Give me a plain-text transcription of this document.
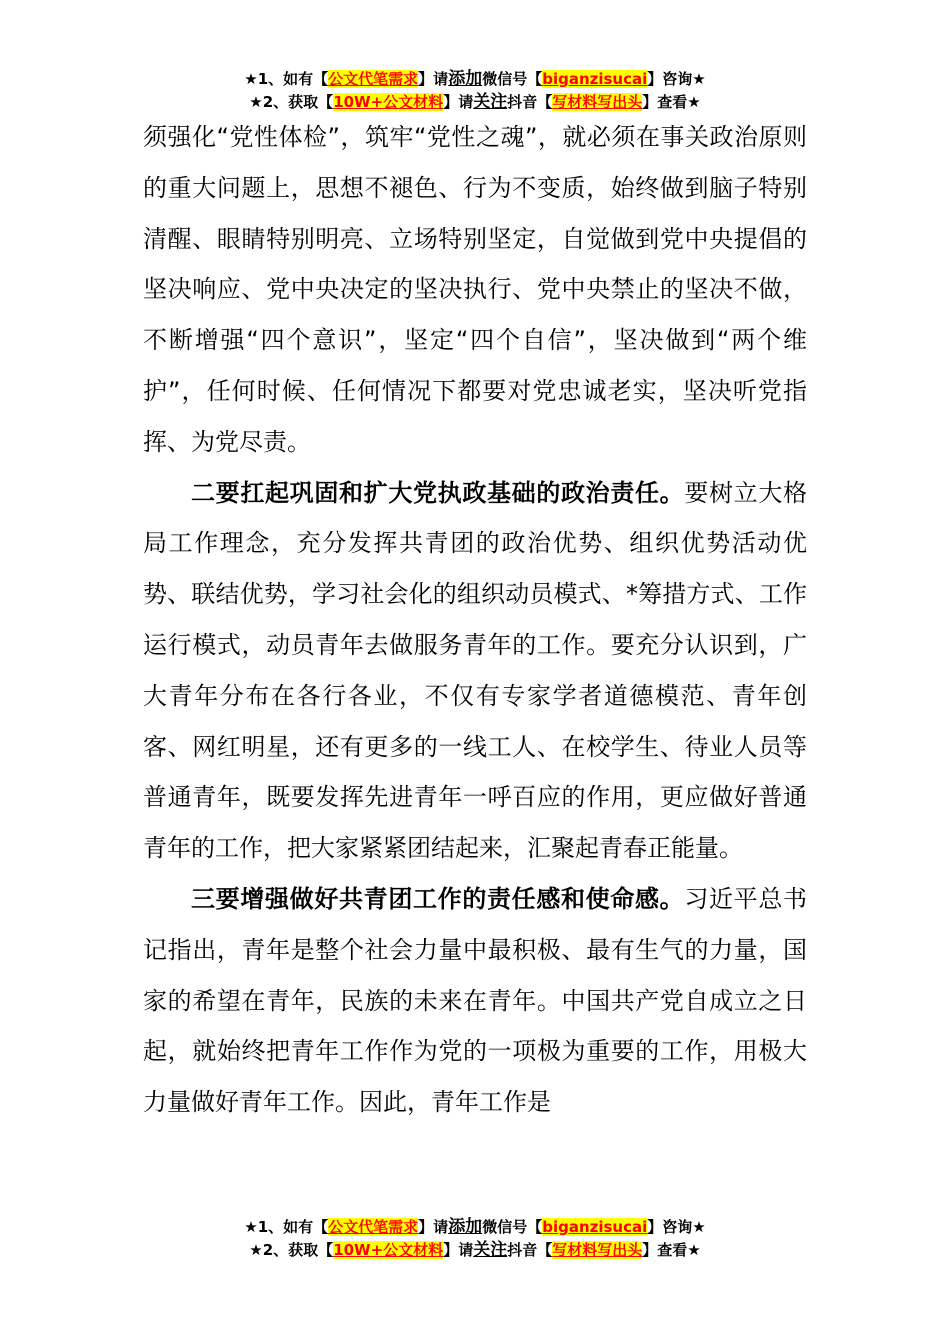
★1、如有【公文代笔需求】请添加微信号【biganzisucai】咨询★
★2、获取【10W+公文材料】请关注抖音【写材料写出头】查看★

须强化“党性体检”，筑牢“党性之魂”，就必须在事关政治原则的重大问题上，思想不褪色、行为不变质，始终做到脑子特别清醒、眼睛特别明亮、立场特别坚定，自觉做到党中央提倡的坚决响应、党中央决定的坚决执行、党中央禁止的坚决不做，不断增强“四个意识”，坚定“四个自信”，坚决做到“两个维护”，任何时候、任何情况下都要对党忠诚老实，坚决听党指挥、为党尽责。

二要扛起巩固和扩大党执政基础的政治责任。要树立大格局工作理念，充分发挥共青团的政治优势、组织优势活动优势、联结优势，学习社会化的组织动员模式、*筹措方式、工作运行模式，动员青年去做服务青年的工作。要充分认识到，广大青年分布在各行各业，不仅有专家学者道德模范、青年创客、网红明星，还有更多的一线工人、在校学生、待业人员等普通青年，既要发挥先进青年一呼百应的作用，更应做好普通青年的工作，把大家紧紧团结起来，汇聚起青春正能量。

三要增强做好共青团工作的责任感和使命感。习近平总书记指出，青年是整个社会力量中最积极、最有生气的力量，国家的希望在青年，民族的未来在青年。中国共产党自成立之日起，就始终把青年工作作为党的一项极为重要的工作，用极大力量做好青年工作。因此，青年工作是

★1、如有【公文代笔需求】请添加微信号【biganzisucai】咨询★
★2、获取【10W+公文材料】请关注抖音【写材料写出头】查看★
